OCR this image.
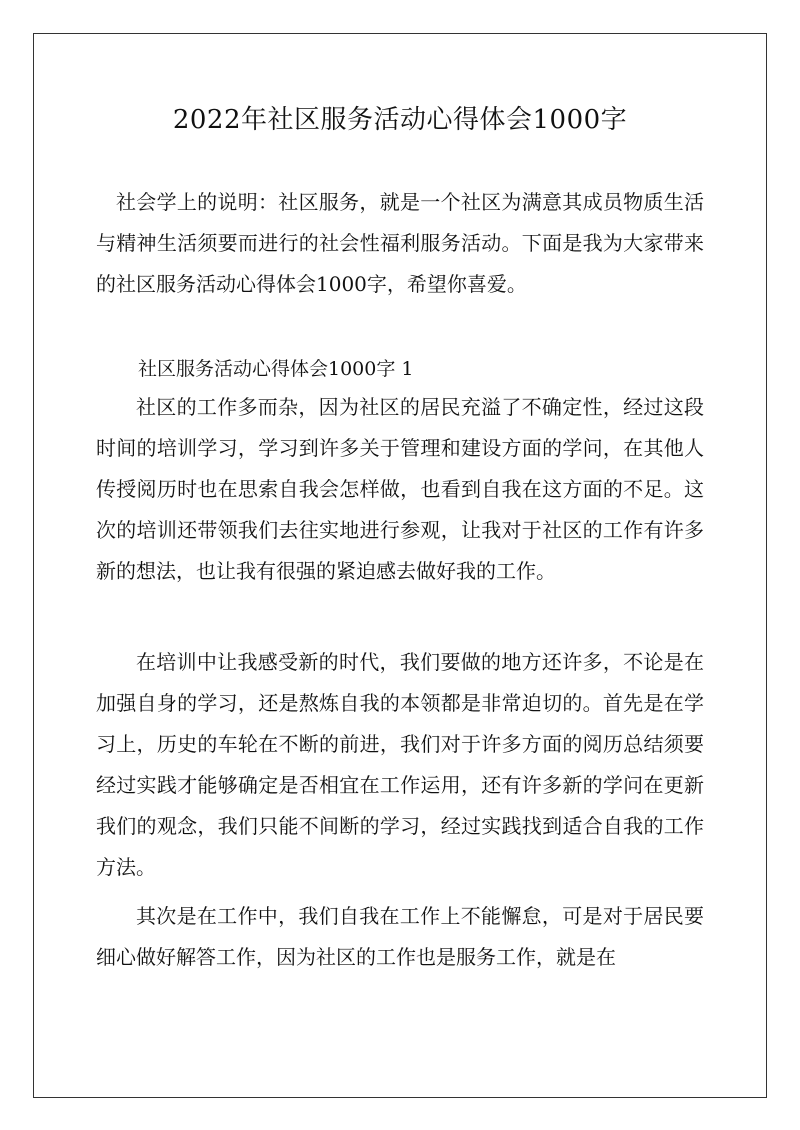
2022年社区服务活动心得体会1000字

社会学上的说明：社区服务，就是一个社区为满意其成员物质生活与精神生活须要而进行的社会性福利服务活动。下面是我为大家带来的社区服务活动心得体会1000字，希望你喜爱。

社区服务活动心得体会1000字 1

社区的工作多而杂，因为社区的居民充溢了不确定性，经过这段时间的培训学习，学习到许多关于管理和建设方面的学问，在其他人传授阅历时也在思索自我会怎样做，也看到自我在这方面的不足。这次的培训还带领我们去往实地进行参观，让我对于社区的工作有许多新的想法，也让我有很强的紧迫感去做好我的工作。

在培训中让我感受新的时代，我们要做的地方还许多，不论是在加强自身的学习，还是熬炼自我的本领都是非常迫切的。首先是在学习上，历史的车轮在不断的前进，我们对于许多方面的阅历总结须要经过实践才能够确定是否相宜在工作运用，还有许多新的学问在更新我们的观念，我们只能不间断的学习，经过实践找到适合自我的工作方法。

其次是在工作中，我们自我在工作上不能懈怠，可是对于居民要细心做好解答工作，因为社区的工作也是服务工作，就是在
